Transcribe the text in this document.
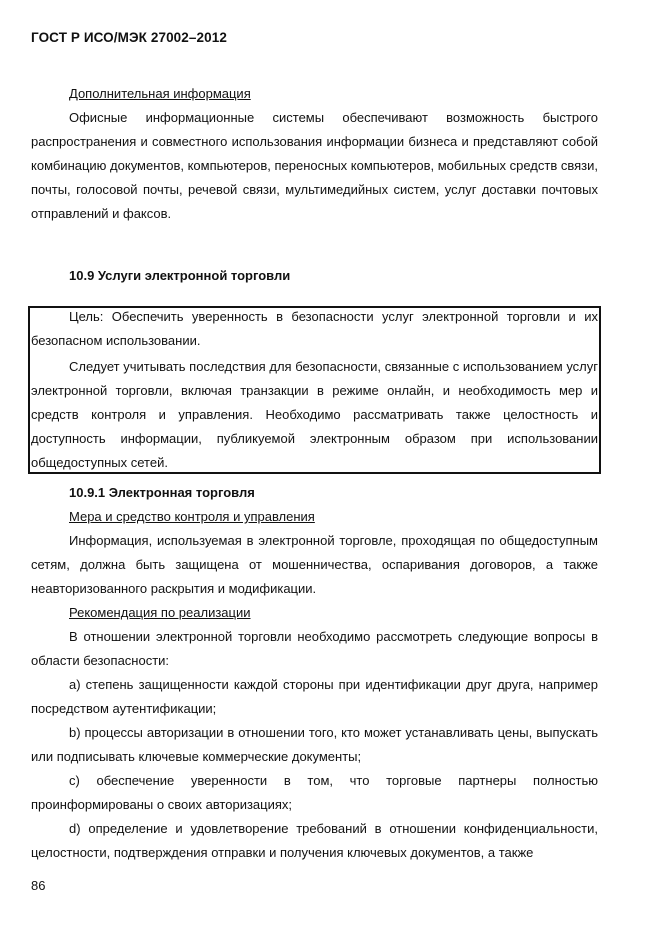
ГОСТ Р ИСО/МЭК 27002–2012

Дополнительная информация

Офисные информационные системы обеспечивают возможность быстрого распространения и совместного использования информации бизнеса и представляют собой комбинацию документов, компьютеров, переносных компьютеров, мобильных средств связи, почты, голосовой почты, речевой связи, мультимедийных систем, услуг доставки почтовых отправлений и факсов.

10.9 Услуги электронной торговли

Цель: Обеспечить уверенность в безопасности услуг электронной торговли и их безопасном использовании.

Следует учитывать последствия для безопасности, связанные с использованием услуг электронной торговли, включая транзакции в режиме онлайн, и необходимость мер и средств контроля и управления. Необходимо рассматривать также целостность и доступность информации, публикуемой электронным образом при использовании общедоступных сетей.

10.9.1 Электронная торговля

Мера и средство контроля и управления

Информация, используемая в электронной торговле, проходящая по общедоступным сетям, должна быть защищена от мошенничества, оспаривания договоров, а также неавторизованного раскрытия и модификации.

Рекомендация по реализации

В отношении электронной торговли необходимо рассмотреть следующие вопросы в области безопасности:

а) степень защищенности каждой стороны при идентификации друг друга, например посредством аутентификации;

b) процессы авторизации в отношении того, кто может устанавливать цены, выпускать или подписывать ключевые коммерческие документы;

c) обеспечение уверенности в том, что торговые партнеры полностью проинформированы о своих авторизациях;

d) определение и удовлетворение требований в отношении конфиденциальности, целостности, подтверждения отправки и получения ключевых документов, а также

86
